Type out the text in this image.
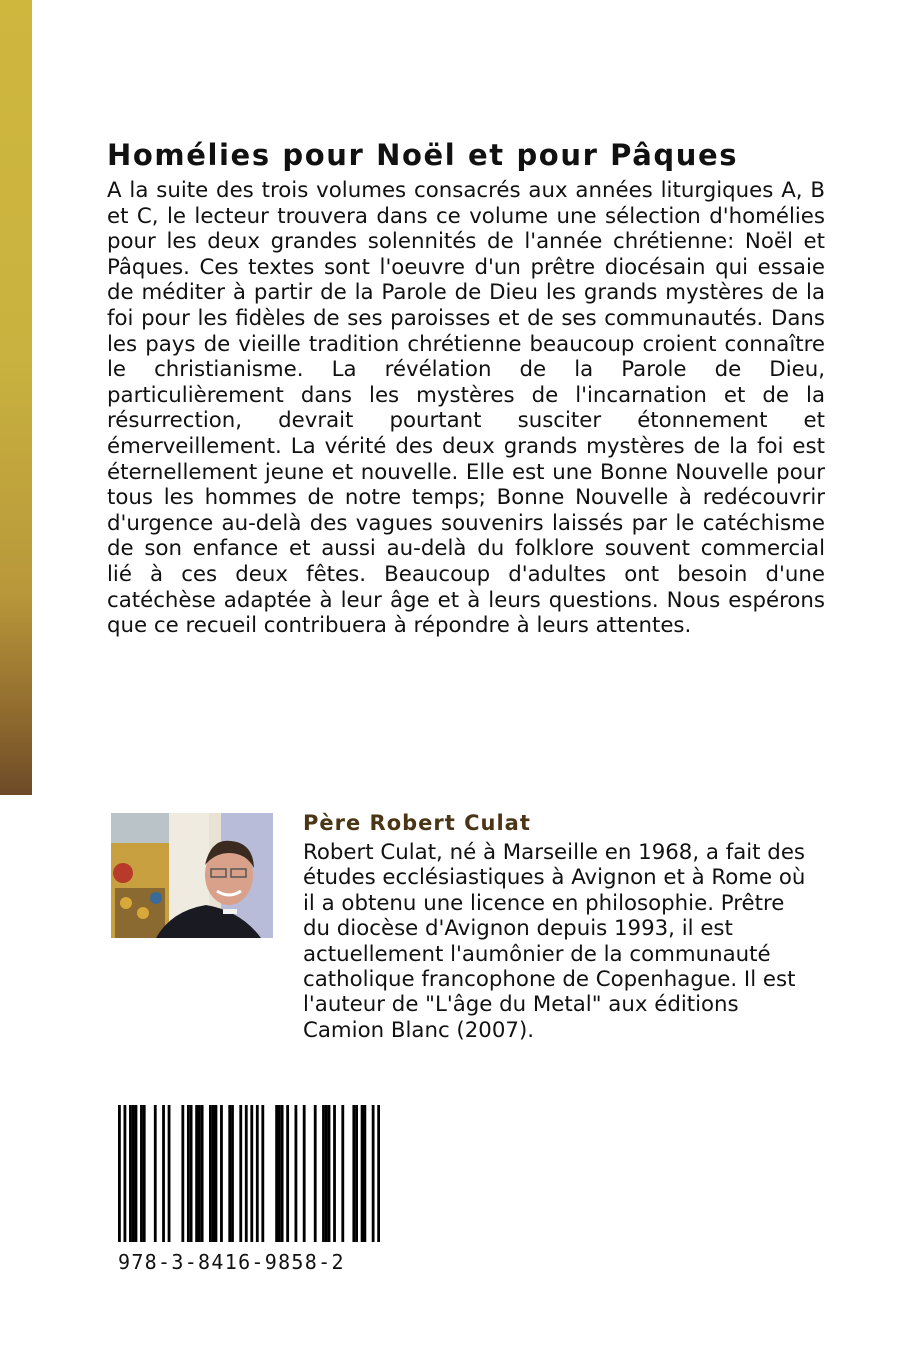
Homélies pour Noël et pour Pâques
A la suite des trois volumes consacrés aux années liturgiques A, B
et C, le lecteur trouvera dans ce volume une sélection d'homélies
pour les deux grandes solennités de l'année chrétienne: Noël et
Pâques. Ces textes sont l'oeuvre d'un prêtre diocésain qui essaie
de méditer à partir de la Parole de Dieu les grands mystères de la
foi pour les fidèles de ses paroisses et de ses communautés. Dans
les pays de vieille tradition chrétienne beaucoup croient connaître
le christianisme. La révélation de la Parole de Dieu,
particulièrement dans les mystères de l'incarnation et de la
résurrection, devrait pourtant susciter étonnement et
émerveillement. La vérité des deux grands mystères de la foi est
éternellement jeune et nouvelle. Elle est une Bonne Nouvelle pour
tous les hommes de notre temps; Bonne Nouvelle à redécouvrir
d'urgence au-delà des vagues souvenirs laissés par le catéchisme
de son enfance et aussi au-delà du folklore souvent commercial
lié à ces deux fêtes. Beaucoup d'adultes ont besoin d'une
catéchèse adaptée à leur âge et à leurs questions. Nous espérons
que ce recueil contribuera à répondre à leurs attentes.
Père Robert Culat
Robert Culat, né à Marseille en 1968, a fait des
études ecclésiastiques à Avignon et à Rome où
il a obtenu une licence en philosophie. Prêtre
du diocèse d'Avignon depuis 1993, il est
actuellement l'aumônier de la communauté
catholique francophone de Copenhague. Il est
l'auteur de "L'âge du Metal" aux éditions
Camion Blanc (2007).
978-3-8416-9858-2
